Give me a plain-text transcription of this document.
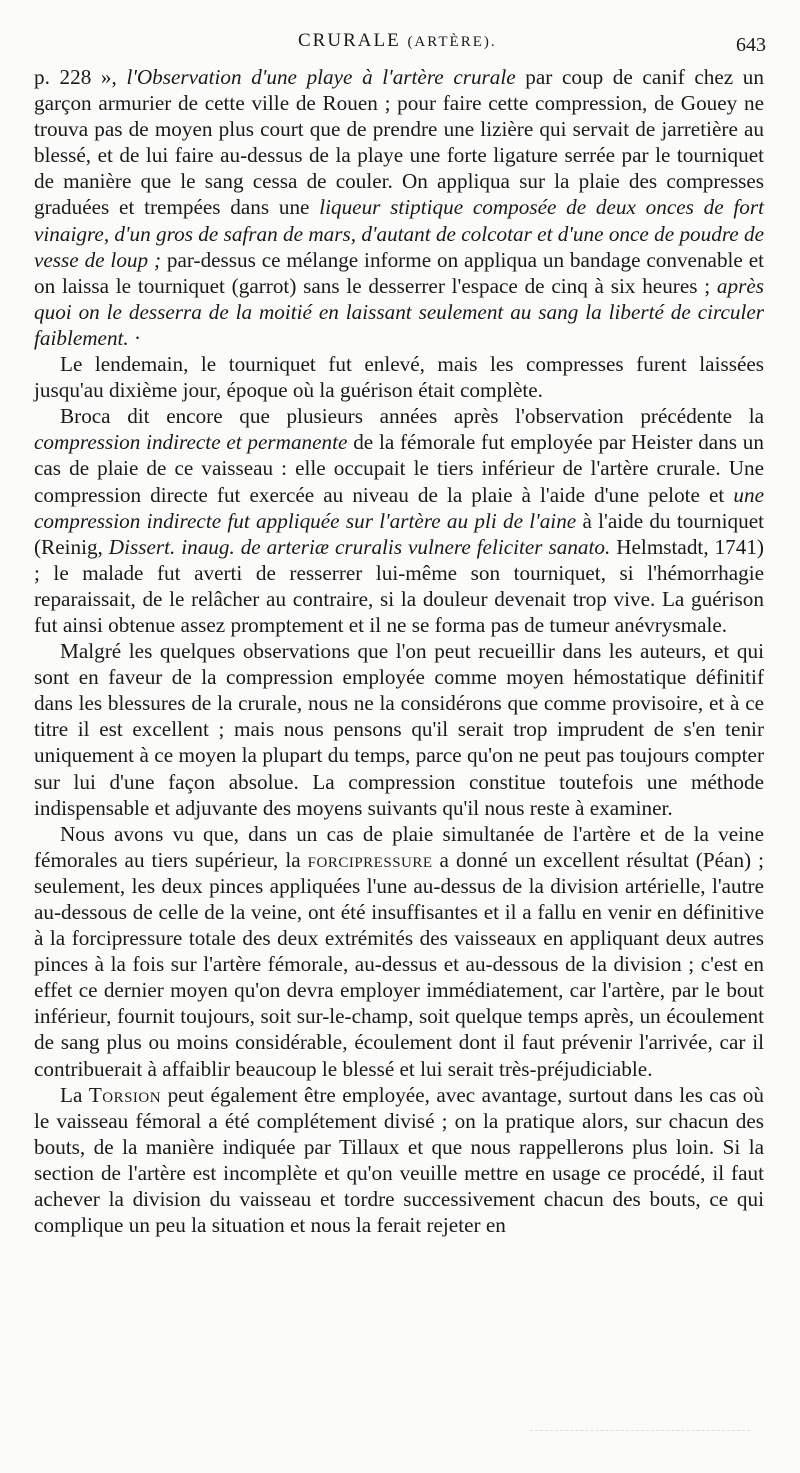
CRURALE (ARTÈRE).	643

p. 228 », l'Observation d'une playe à l'artère crurale par coup de canif chez un garçon armurier de cette ville de Rouen ; pour faire cette compression, de Gouey ne trouva pas de moyen plus court que de prendre une lizière qui servait de jarretière au blessé, et de lui faire au-dessus de la playe une forte ligature serrée par le tourniquet de manière que le sang cessa de couler. On appliqua sur la plaie des compresses graduées et trempées dans une liqueur stiptique composée de deux onces de fort vinaigre, d'un gros de safran de mars, d'autant de colcotar et d'une once de poudre de vesse de loup ; par-dessus ce mélange informe on appliqua un bandage convenable et on laissa le tourniquet (garrot) sans le desserrer l'espace de cinq à six heures ; après quoi on le desserra de la moitié en laissant seulement au sang la liberté de circuler faiblement. ·

Le lendemain, le tourniquet fut enlevé, mais les compresses furent laissées jusqu'au dixième jour, époque où la guérison était complète.

Broca dit encore que plusieurs années après l'observation précédente la compression indirecte et permanente de la fémorale fut employée par Heister dans un cas de plaie de ce vaisseau : elle occupait le tiers inférieur de l'artère crurale. Une compression directe fut exercée au niveau de la plaie à l'aide d'une pelote et une compression indirecte fut appliquée sur l'artère au pli de l'aine à l'aide du tourniquet (Reinig, Dissert. inaug. de arteriæ cruralis vulnere feliciter sanato. Helmstadt, 1741) ; le malade fut averti de resserrer lui-même son tourniquet, si l'hémorrhagie reparaissait, de le relâcher au contraire, si la douleur devenait trop vive. La guérison fut ainsi obtenue assez promptement et il ne se forma pas de tumeur anévrysmale.

Malgré les quelques observations que l'on peut recueillir dans les auteurs, et qui sont en faveur de la compression employée comme moyen hémostatique définitif dans les blessures de la crurale, nous ne la considérons que comme provisoire, et à ce titre il est excellent ; mais nous pensons qu'il serait trop imprudent de s'en tenir uniquement à ce moyen la plupart du temps, parce qu'on ne peut pas toujours compter sur lui d'une façon absolue. La compression constitue toutefois une méthode indispensable et adjuvante des moyens suivants qu'il nous reste à examiner.

Nous avons vu que, dans un cas de plaie simultanée de l'artère et de la veine fémorales au tiers supérieur, la forcipressure a donné un excellent résultat (Péan) ; seulement, les deux pinces appliquées l'une au-dessus de la division artérielle, l'autre au-dessous de celle de la veine, ont été insuffisantes et il a fallu en venir en définitive à la forcipressure totale des deux extrémités des vaisseaux en appliquant deux autres pinces à la fois sur l'artère fémorale, au-dessus et au-dessous de la division ; c'est en effet ce dernier moyen qu'on devra employer immédiatement, car l'artère, par le bout inférieur, fournit toujours, soit sur-le-champ, soit quelque temps après, un écoulement de sang plus ou moins considérable, écoulement dont il faut prévenir l'arrivée, car il contribuerait à affaiblir beaucoup le blessé et lui serait très-préjudiciable.

La Torsion peut également être employée, avec avantage, surtout dans les cas où le vaisseau fémoral a été complétement divisé ; on la pratique alors, sur chacun des bouts, de la manière indiquée par Tillaux et que nous rappellerons plus loin. Si la section de l'artère est incomplète et qu'on veuille mettre en usage ce procédé, il faut achever la division du vaisseau et tordre successivement chacun des bouts, ce qui complique un peu la situation et nous la ferait rejeter en
